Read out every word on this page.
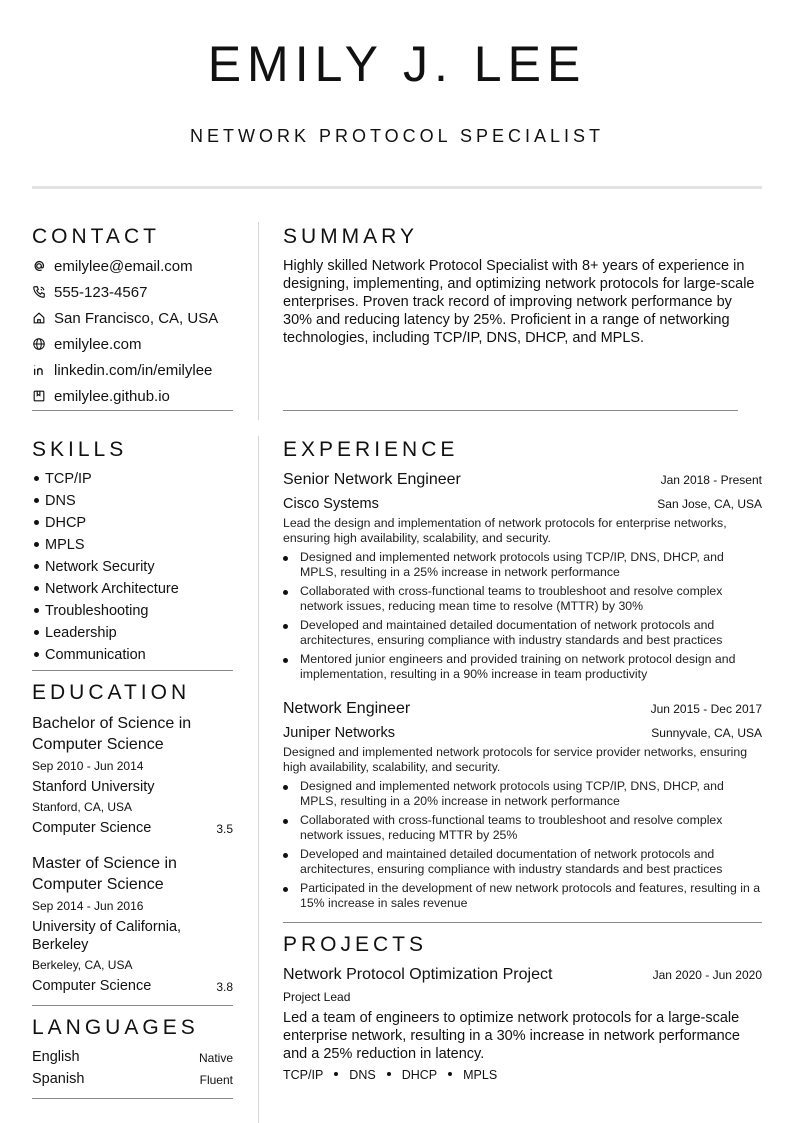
EMILY J. LEE
NETWORK PROTOCOL SPECIALIST
CONTACT
emilylee@email.com
555-123-4567
San Francisco, CA, USA
emilylee.com
linkedin.com/in/emilylee
emilylee.github.io
SKILLS
TCP/IP
DNS
DHCP
MPLS
Network Security
Network Architecture
Troubleshooting
Leadership
Communication
EDUCATION
Bachelor of Science in Computer Science
Sep 2010 - Jun 2014
Stanford University
Stanford, CA, USA
Computer Science	3.5
Master of Science in Computer Science
Sep 2014 - Jun 2016
University of California, Berkeley
Berkeley, CA, USA
Computer Science	3.8
LANGUAGES
English	Native
Spanish	Fluent
SUMMARY
Highly skilled Network Protocol Specialist with 8+ years of experience in designing, implementing, and optimizing network protocols for large-scale enterprises. Proven track record of improving network performance by 30% and reducing latency by 25%. Proficient in a range of networking technologies, including TCP/IP, DNS, DHCP, and MPLS.
EXPERIENCE
Senior Network Engineer	Jan 2018 - Present
Cisco Systems	San Jose, CA, USA
Lead the design and implementation of network protocols for enterprise networks, ensuring high availability, scalability, and security.
Designed and implemented network protocols using TCP/IP, DNS, DHCP, and MPLS, resulting in a 25% increase in network performance
Collaborated with cross-functional teams to troubleshoot and resolve complex network issues, reducing mean time to resolve (MTTR) by 30%
Developed and maintained detailed documentation of network protocols and architectures, ensuring compliance with industry standards and best practices
Mentored junior engineers and provided training on network protocol design and implementation, resulting in a 90% increase in team productivity
Network Engineer	Jun 2015 - Dec 2017
Juniper Networks	Sunnyvale, CA, USA
Designed and implemented network protocols for service provider networks, ensuring high availability, scalability, and security.
Designed and implemented network protocols using TCP/IP, DNS, DHCP, and MPLS, resulting in a 20% increase in network performance
Collaborated with cross-functional teams to troubleshoot and resolve complex network issues, reducing MTTR by 25%
Developed and maintained detailed documentation of network protocols and architectures, ensuring compliance with industry standards and best practices
Participated in the development of new network protocols and features, resulting in a 15% increase in sales revenue
PROJECTS
Network Protocol Optimization Project	Jan 2020 - Jun 2020
Project Lead
Led a team of engineers to optimize network protocols for a large-scale enterprise network, resulting in a 30% increase in network performance and a 25% reduction in latency.
TCP/IP DNS DHCP MPLS
